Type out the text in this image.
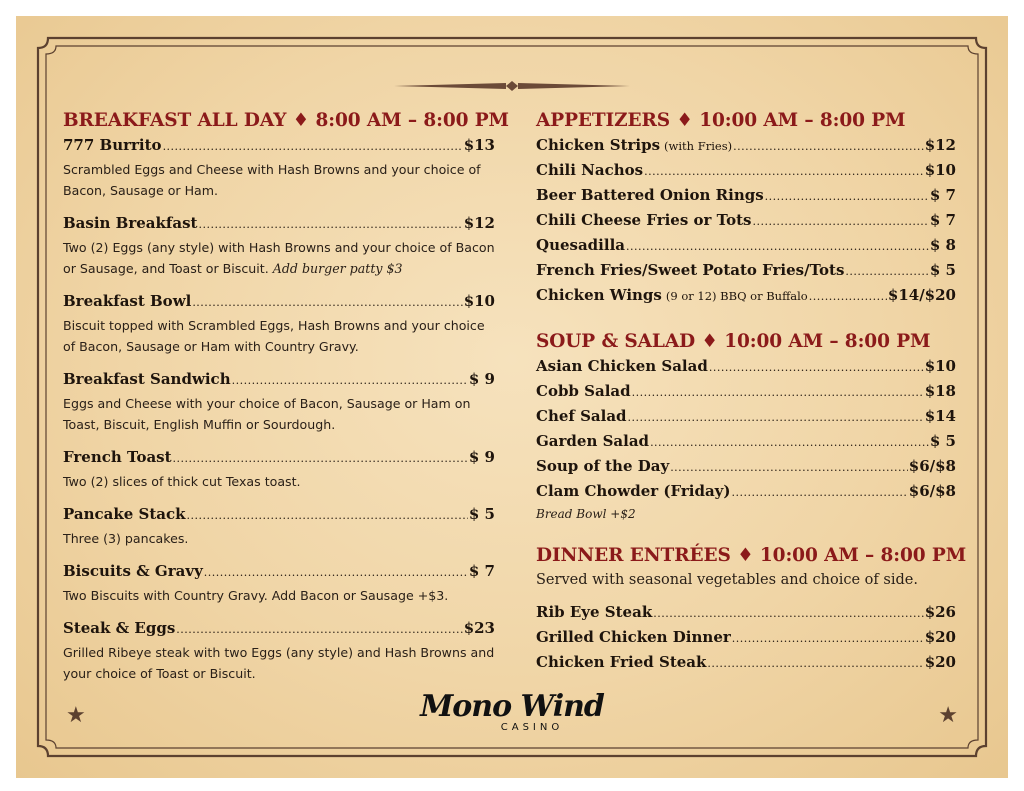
BREAKFAST ALL DAY ♦ 8:00 AM – 8:00 PM
777 Burrito .....	$13
Scrambled Eggs and Cheese with Hash Browns and your choice of Bacon, Sausage or Ham.
Basin Breakfast .....	$12
Two (2) Eggs (any style) with Hash Browns and your choice of Bacon or Sausage, and Toast or Biscuit. Add burger patty $3
Breakfast Bowl .....	$10
Biscuit topped with Scrambled Eggs, Hash Browns and your choice of Bacon, Sausage or Ham with Country Gravy.
Breakfast Sandwich .....	$ 9
Eggs and Cheese with your choice of Bacon, Sausage or Ham on Toast, Biscuit, English Muffin or Sourdough.
French Toast .....	$ 9
Two (2) slices of thick cut Texas toast.
Pancake Stack .....	$ 5
Three (3) pancakes.
Biscuits & Gravy .....	$ 7
Two Biscuits with Country Gravy. Add Bacon or Sausage +$3.
Steak & Eggs .....	$23
Grilled Ribeye steak with two Eggs (any style) and Hash Browns and your choice of Toast or Biscuit.
APPETIZERS ♦ 10:00 AM – 8:00 PM
Chicken Strips (with Fries) .....	$12
Chili Nachos .....	$10
Beer Battered Onion Rings .....	$ 7
Chili Cheese Fries or Tots .....	$ 7
Quesadilla .....	$ 8
French Fries/Sweet Potato Fries/Tots .....	$ 5
Chicken Wings (9 or 12) BBQ or Buffalo .....	$14/$20
SOUP & SALAD ♦ 10:00 AM – 8:00 PM
Asian Chicken Salad .....	$10
Cobb Salad .....	$18
Chef Salad .....	$14
Garden Salad .....	$ 5
Soup of the Day .....	$6/$8
Clam Chowder (Friday) .....	$6/$8
Bread Bowl +$2
DINNER ENTRÉES ♦ 10:00 AM – 8:00 PM
Served with seasonal vegetables and choice of side.
Rib Eye Steak .....	$26
Grilled Chicken Dinner .....	$20
Chicken Fried Steak .....	$20
★	★
Mono Wind
CASINO
